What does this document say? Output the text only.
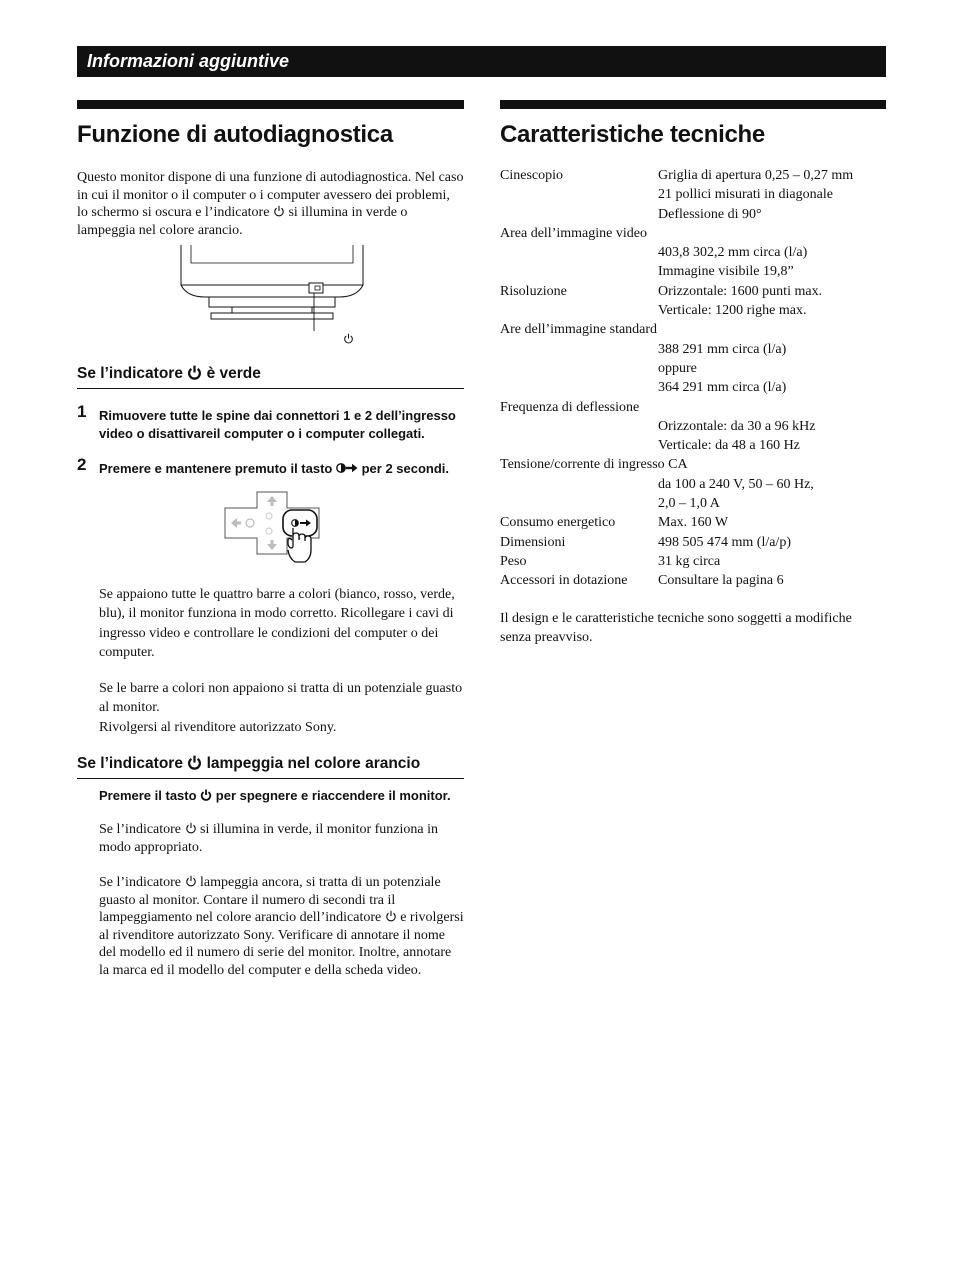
Informazioni aggiuntive
Funzione di autodiagnostica

Questo monitor dispone di una funzione di autodiagnostica. Nel caso in cui il monitor o il computer o i computer avessero dei problemi, lo schermo si oscura e l’indicatore si illumina in verde o lampeggia nel colore arancio.

Se l’indicatore è verde
1 Rimuovere tutte le spine dai connettori 1 e 2 dell’ingresso video o disattivareil computer o i computer collegati.
2 Premere e mantenere premuto il tasto per 2 secondi.

Se appaiono tutte le quattro barre a colori (bianco, rosso, verde, blu), il monitor funziona in modo corretto. Ricollegare i cavi di ingresso video e controllare le condizioni del computer o dei computer.

Se le barre a colori non appaiono si tratta di un potenziale guasto al monitor.

Rivolgersi al rivenditore autorizzato Sony.

Se l’indicatore lampeggia nel colore arancio

Premere il tasto per spegnere e riaccendere il monitor.

Se l’indicatore si illumina in verde, il monitor funziona in modo appropriato.

Se l’indicatore lampeggia ancora, si tratta di un potenziale guasto al monitor. Contare il numero di secondi tra il lampeggiamento nel colore arancio dell’indicatore e rivolgersi al rivenditore autorizzato Sony. Verificare di annotare il nome del modello ed il numero di serie del monitor. Inoltre, annotare la marca ed il modello del computer e della scheda video.

Caratteristiche tecniche
Cinescopio	Griglia di apertura 0,25 – 0,27 mm
21 pollici misurati in diagonale
Deflessione di 90°
Area dell’immagine video
403,8 302,2 mm circa (l/a)
Immagine visibile 19,8”
Risoluzione	Orizzontale: 1600 punti max.
Verticale: 1200 righe max.
Are dell’immagine standard
388 291 mm circa (l/a)
oppure
364 291 mm circa (l/a)
Frequenza di deflessione
Orizzontale: da 30 a 96 kHz
Verticale: da 48 a 160 Hz
Tensione/corrente di ingresso CA
da 100 a 240 V, 50 – 60 Hz,
2,0 – 1,0 A
Consumo energetico	Max. 160 W
Dimensioni	498 505 474 mm (l/a/p)
Peso	31 kg circa
Accessori in dotazione Consultare la pagina 6

Il design e le caratteristiche tecniche sono soggetti a modifiche senza preavviso.
